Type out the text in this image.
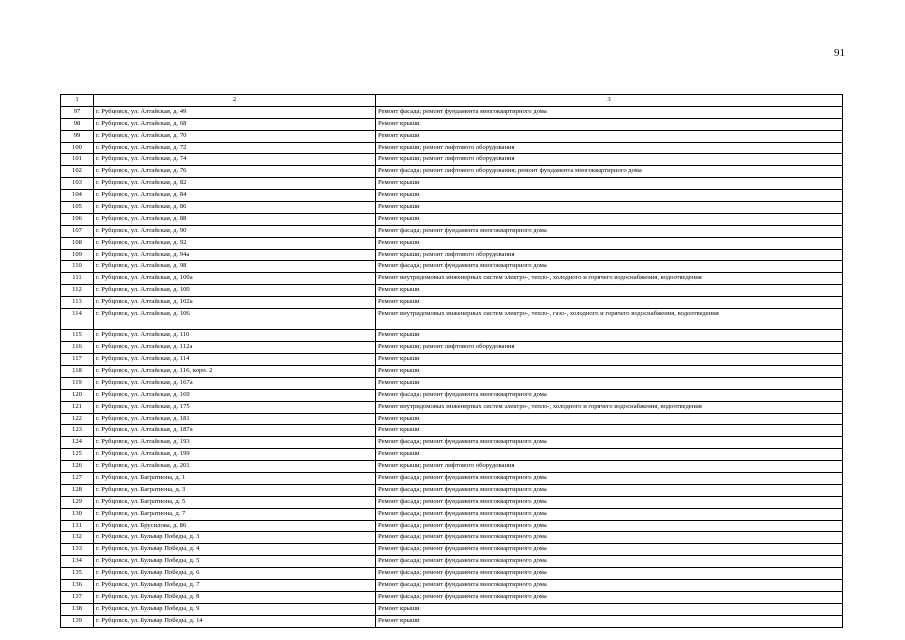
91
1	2	3
97	г. Рубцовск, ул. Алтайская, д. 49	Ремонт фасада; ремонт фундамента многоквартирного дома
98	г. Рубцовск, ул. Алтайская, д. 68	Ремонт крыши
99	г. Рубцовск, ул. Алтайская, д. 70	Ремонт крыши
100	г. Рубцовск, ул. Алтайская, д. 72	Ремонт крыши; ремонт лифтового оборудования
101	г. Рубцовск, ул. Алтайская, д. 74	Ремонт крыши; ремонт лифтового оборудования
102	г. Рубцовск, ул. Алтайская, д. 76	Ремонт фасада; ремонт лифтового оборудования; ремонт фундамента многоквартирного дома
103	г. Рубцовск, ул. Алтайская, д. 82	Ремонт крыши
104	г. Рубцовск, ул. Алтайская, д. 84	Ремонт крыши
105	г. Рубцовск, ул. Алтайская, д. 86	Ремонт крыши
106	г. Рубцовск, ул. Алтайская, д. 88	Ремонт крыши
107	г. Рубцовск, ул. Алтайская, д. 90	Ремонт фасада; ремонт фундамента многоквартирного дома
108	г. Рубцовск, ул. Алтайская, д. 92	Ремонт крыши
109	г. Рубцовск, ул. Алтайская, д. 94а	Ремонт крыши; ремонт лифтового оборудования
110	г. Рубцовск, ул. Алтайская, д. 98	Ремонт фасада; ремонт фундамента многоквартирного дома
111	г. Рубцовск, ул. Алтайская, д. 100а	Ремонт внутридомовых инженерных систем электро-, тепло-, холодного и горячего водоснабжения, водоотведения
112	г. Рубцовск, ул. Алтайская, д. 100	Ремонт крыши
113	г. Рубцовск, ул. Алтайская, д. 102а	Ремонт крыши
114	г. Рубцовск, ул. Алтайская, д. 106	Ремонт внутридомовых инженерных систем электро-, тепло-, газо-, холодного и горячего водоснабжения, водоотведения
115	г. Рубцовск, ул. Алтайская, д. 110	Ремонт крыши
116	г. Рубцовск, ул. Алтайская, д. 112а	Ремонт крыши; ремонт лифтового оборудования
117	г. Рубцовск, ул. Алтайская, д. 114	Ремонт крыши
118	г. Рубцовск, ул. Алтайская, д. 116, корп. 2	Ремонт крыши
119	г. Рубцовск, ул. Алтайская, д. 167а	Ремонт крыши
120	г. Рубцовск, ул. Алтайская, д. 169	Ремонт фасада; ремонт фундамента многоквартирного дома
121	г. Рубцовск, ул. Алтайская, д. 175	Ремонт внутридомовых инженерных систем электро-, тепло-, холодного и горячего водоснабжения, водоотведения
122	г. Рубцовск, ул. Алтайская, д. 181	Ремонт крыши
123	г. Рубцовск, ул. Алтайская, д. 187а	Ремонт крыши
124	г. Рубцовск, ул. Алтайская, д. 193	Ремонт фасада; ремонт фундамента многоквартирного дома
125	г. Рубцовск, ул. Алтайская, д. 199	Ремонт крыши
126	г. Рубцовск, ул. Алтайская, д. 201	Ремонт крыши; ремонт лифтового оборудования
127	г. Рубцовск, ул. Багратиона, д. 1	Ремонт фасада; ремонт фундамента многоквартирного дома
128	г. Рубцовск, ул. Багратиона, д. 3	Ремонт фасада; ремонт фундамента многоквартирного дома
129	г. Рубцовск, ул. Багратиона, д. 5	Ремонт фасада; ремонт фундамента многоквартирного дома
130	г. Рубцовск, ул. Багратиона, д. 7	Ремонт фасада; ремонт фундамента многоквартирного дома
131	г. Рубцовск, ул. Брусилова, д. 86	Ремонт фасада; ремонт фундамента многоквартирного дома
132	г. Рубцовск, ул. Бульвар Победы, д. 3	Ремонт фасада; ремонт фундамента многоквартирного дома
133	г. Рубцовск, ул. Бульвар Победы, д. 4	Ремонт фасада; ремонт фундамента многоквартирного дома
134	г. Рубцовск, ул. Бульвар Победы, д. 5	Ремонт фасада; ремонт фундамента многоквартирного дома
135	г. Рубцовск, ул. Бульвар Победы, д. 6	Ремонт фасада; ремонт фундамента многоквартирного дома
136	г. Рубцовск, ул. Бульвар Победы, д. 7	Ремонт фасада; ремонт фундамента многоквартирного дома
137	г. Рубцовск, ул. Бульвар Победы, д. 8	Ремонт фасада; ремонт фундамента многоквартирного дома
138	г. Рубцовск, ул. Бульвар Победы, д. 9	Ремонт крыши
139	г. Рубцовск, ул. Бульвар Победы, д. 14	Ремонт крыши
